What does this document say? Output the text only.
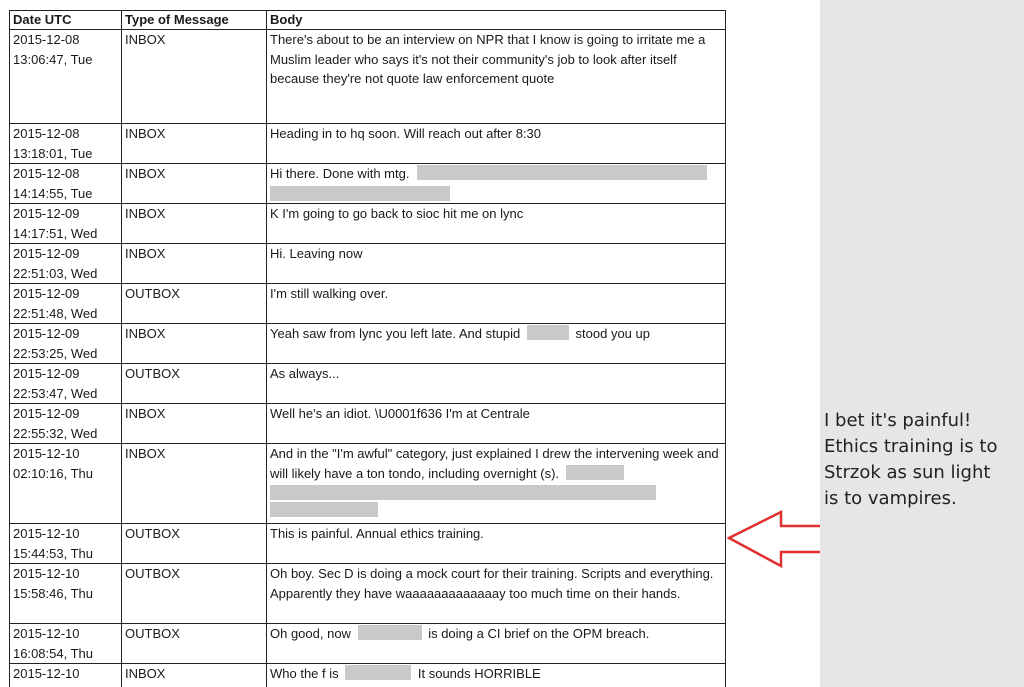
Date UTC	Type of Message	Body
2015-12-08
13:06:47, Tue	INBOX	There's about to be an interview on NPR that I know is going to irritate me a Muslim leader who says it's not their community's job to look after itself because they're not quote law enforcement quote
2015-12-08
13:18:01, Tue	INBOX	Heading in to hq soon. Will reach out after 8:30
2015-12-08
14:14:55, Tue	INBOX	Hi there. Done with mtg.

2015-12-09
14:17:51, Wed	INBOX	K I'm going to go back to sioc hit me on lync
2015-12-09
22:51:03, Wed	INBOX	Hi. Leaving now
2015-12-09
22:51:48, Wed	OUTBOX	I'm still walking over.
2015-12-09
22:53:25, Wed	INBOX	Yeah saw from lync you left late. And stupid stood you up
2015-12-09
22:53:47, Wed	OUTBOX	As always...
2015-12-09
22:55:32, Wed	INBOX	Well he's an idiot. \U0001f636 I'm at Centrale
2015-12-10
02:10:16, Thu	INBOX	And in the "I'm awful" category, just explained I drew the intervening week and will likely have a ton tondo, including overnight (s).

2015-12-10
15:44:53, Thu	OUTBOX	This is painful. Annual ethics training.
2015-12-10
15:58:46, Thu	OUTBOX	Oh boy. Sec D is doing a mock court for their training. Scripts and everything. Apparently they have waaaaaaaaaaaaay too much time on their hands.
2015-12-10
16:08:54, Thu	OUTBOX	Oh good, now is doing a CI brief on the OPM breach.
2015-12-10	INBOX	Who the f is It sounds HORRIBLE
I bet it's painful!
Ethics training is to
Strzok as sun light
is to vampires.
